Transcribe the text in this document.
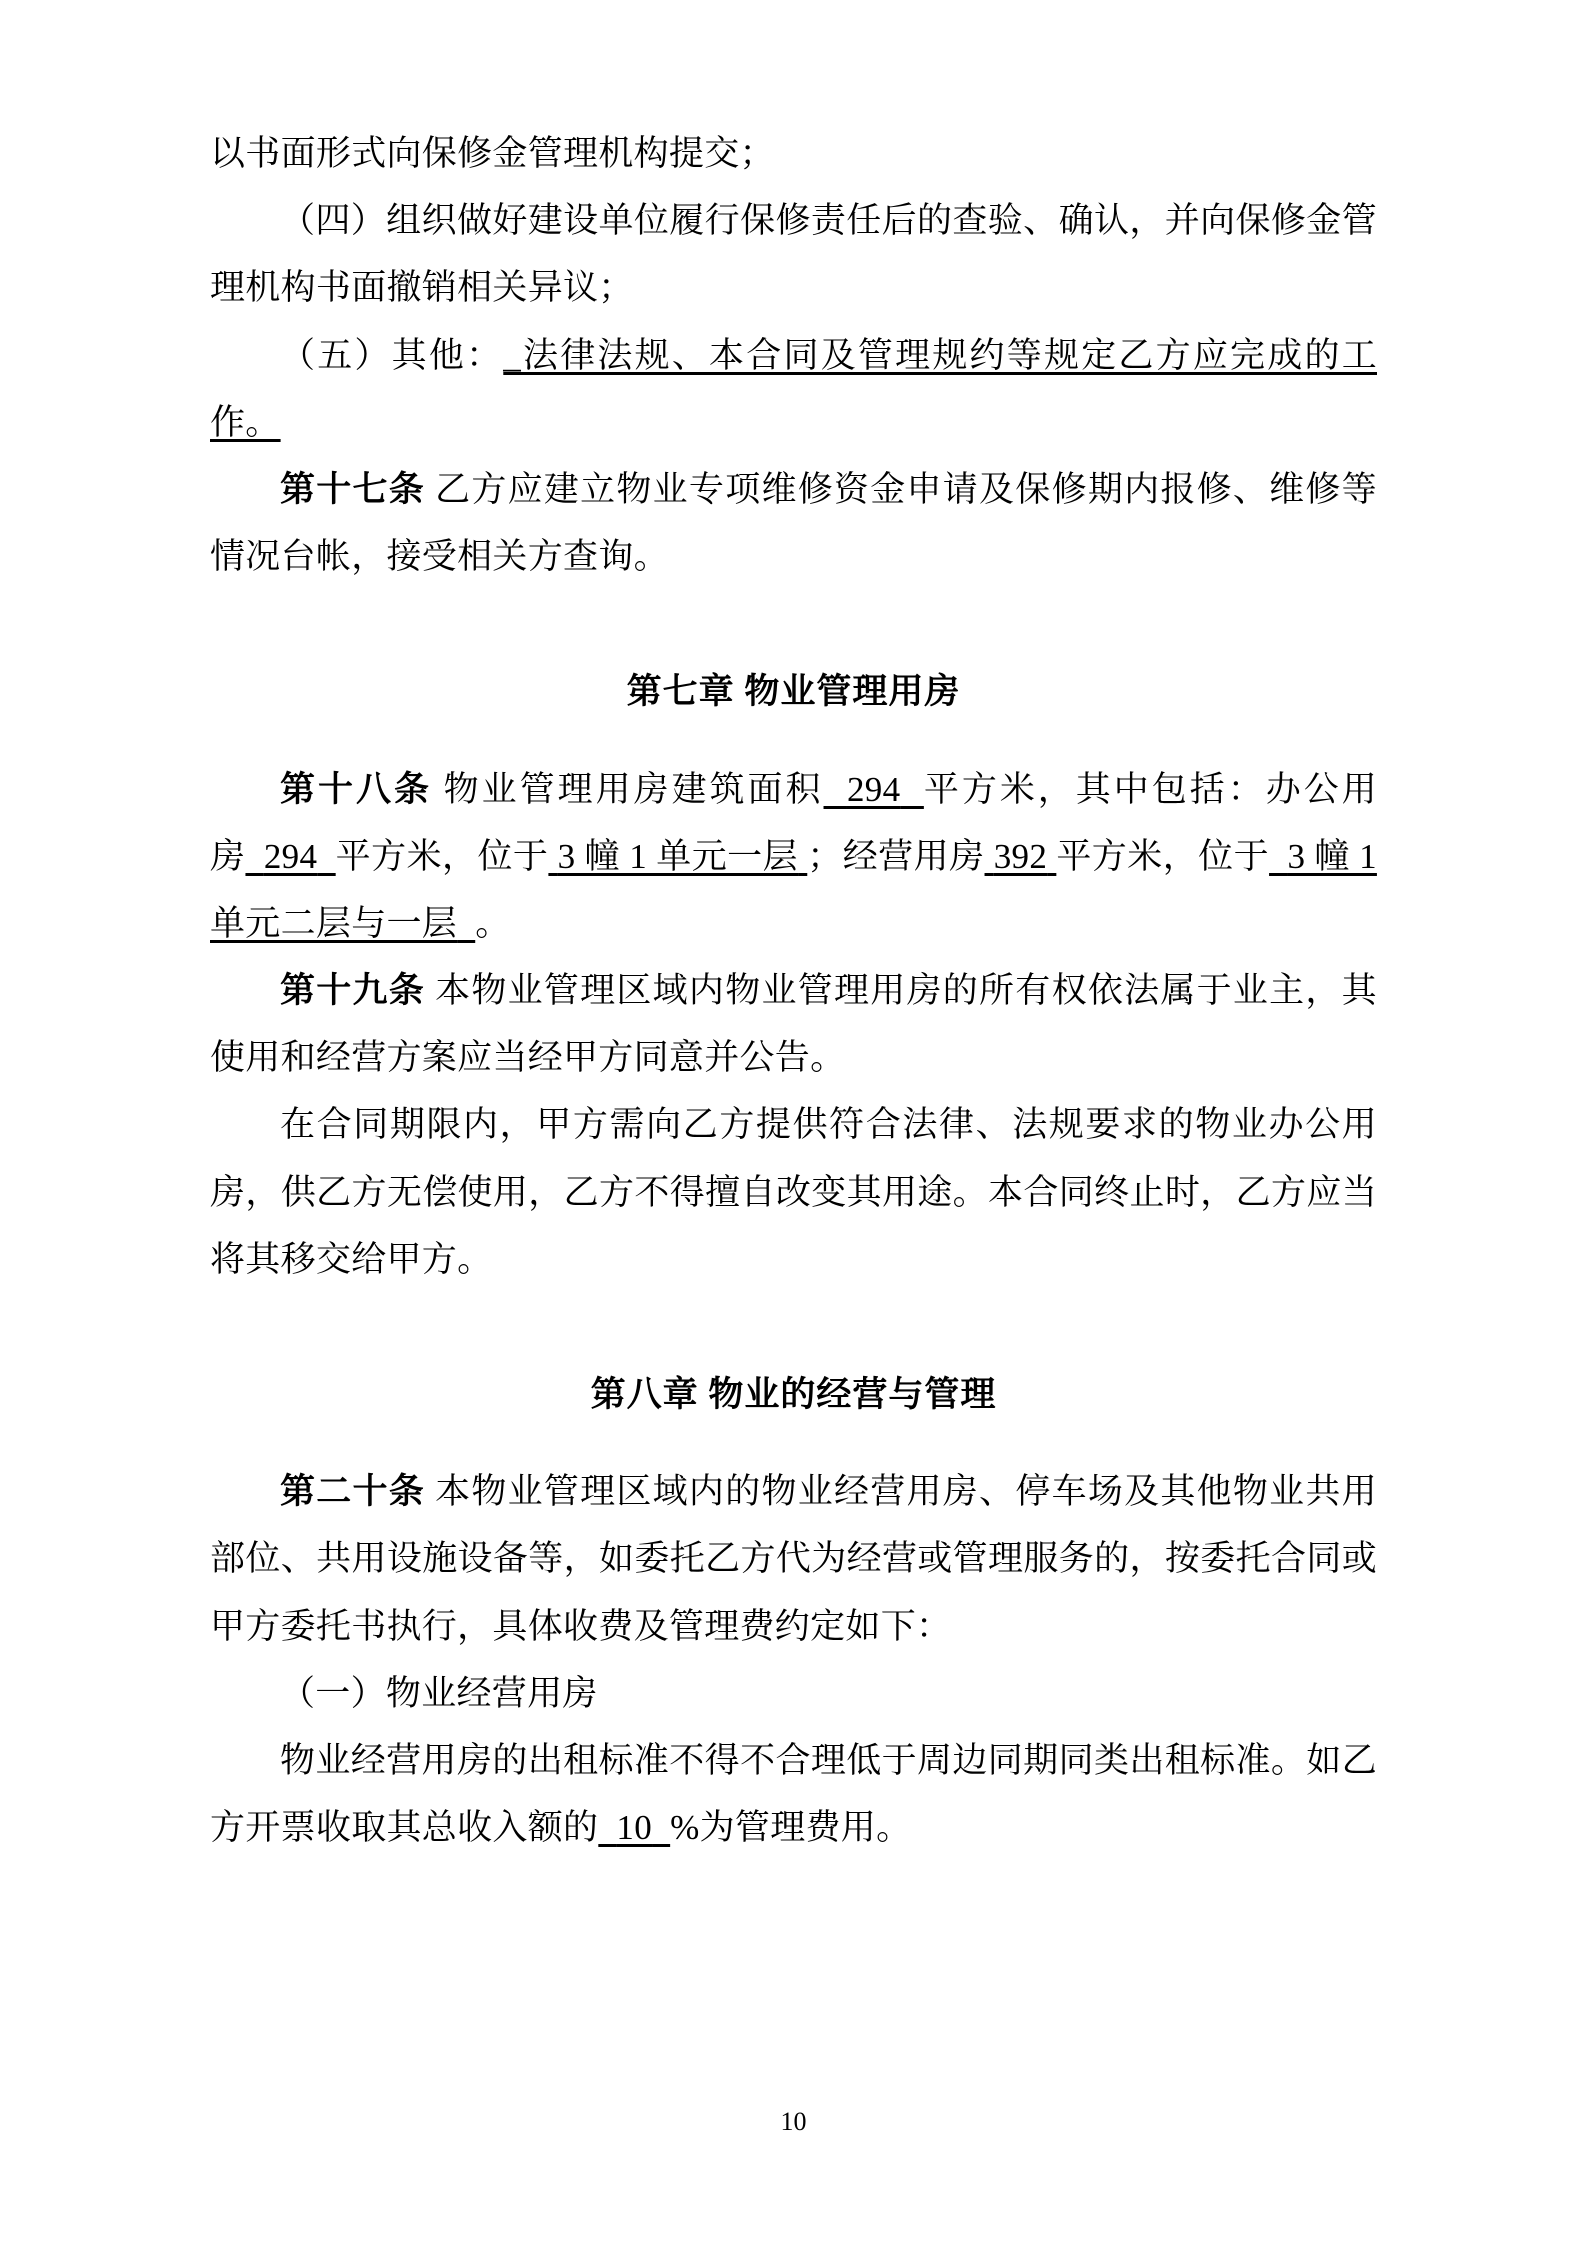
以书面形式向保修金管理机构提交；

（四）组织做好建设单位履行保修责任后的查验、确认，并向保修金管理机构书面撤销相关异议；

（五）其他：_法律法规、本合同及管理规约等规定乙方应完成的工作。

第十七条 乙方应建立物业专项维修资金申请及保修期内报修、维修等情况台帐，接受相关方查询。

第七章 物业管理用房

第十八条 物业管理用房建筑面积 294 平方米，其中包括：办公用房 294 平方米，位于 3 幢 1 单元一层 ；经营用房 392 平方米，位于 3 幢 1 单元二层与一层 。

第十九条 本物业管理区域内物业管理用房的所有权依法属于业主，其使用和经营方案应当经甲方同意并公告。

在合同期限内，甲方需向乙方提供符合法律、法规要求的物业办公用房，供乙方无偿使用，乙方不得擅自改变其用途。本合同终止时，乙方应当将其移交给甲方。

第八章 物业的经营与管理

第二十条 本物业管理区域内的物业经营用房、停车场及其他物业共用部位、共用设施设备等，如委托乙方代为经营或管理服务的，按委托合同或甲方委托书执行，具体收费及管理费约定如下：

（一）物业经营用房

物业经营用房的出租标准不得不合理低于周边同期同类出租标准。如乙方开票收取其总收入额的 10 %为管理费用。

10
